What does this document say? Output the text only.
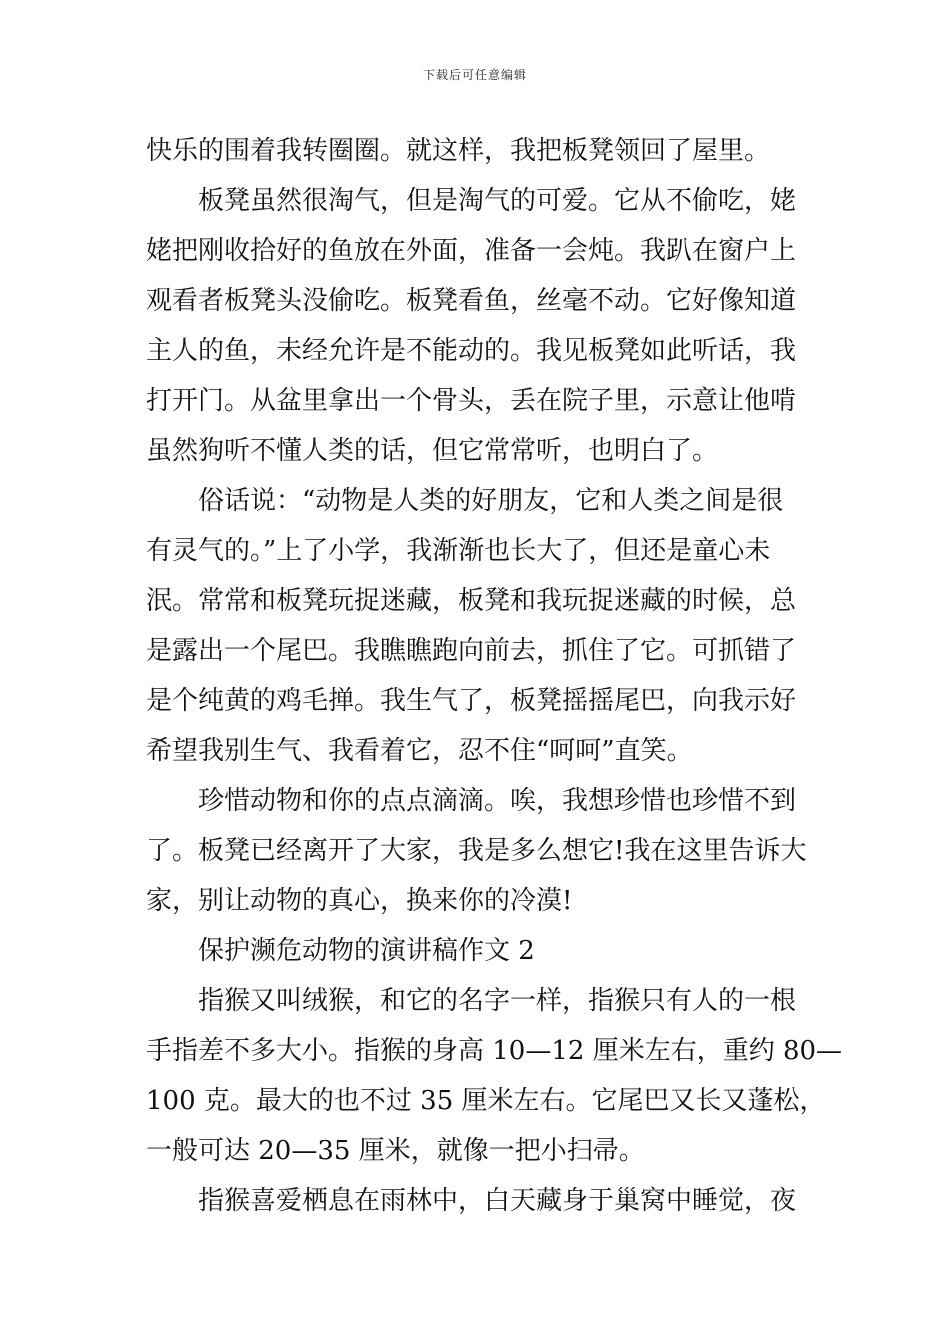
下载后可任意编辑
快乐的围着我转圈圈。就这样，我把板凳领回了屋里。
板凳虽然很淘气，但是淘气的可爱。它从不偷吃，姥
姥把刚收拾好的鱼放在外面，准备一会炖。我趴在窗户上
观看者板凳头没偷吃。板凳看鱼，丝毫不动。它好像知道
主人的鱼，未经允许是不能动的。我见板凳如此听话，我
打开门。从盆里拿出一个骨头，丢在院子里，示意让他啃
虽然狗听不懂人类的话，但它常常听，也明白了。
俗话说：“动物是人类的好朋友，它和人类之间是很
有灵气的。”上了小学，我渐渐也长大了，但还是童心未
泯。常常和板凳玩捉迷藏，板凳和我玩捉迷藏的时候，总
是露出一个尾巴。我瞧瞧跑向前去，抓住了它。可抓错了
是个纯黄的鸡毛掸。我生气了，板凳摇摇尾巴，向我示好
希望我别生气、我看着它，忍不住“呵呵”直笑。
珍惜动物和你的点点滴滴。唉，我想珍惜也珍惜不到
了。板凳已经离开了大家，我是多么想它!我在这里告诉大
家，别让动物的真心，换来你的冷漠!
保护濒危动物的演讲稿作文 2
指猴又叫绒猴，和它的名字一样，指猴只有人的一根
手指差不多大小。指猴的身高 10—12 厘米左右，重约 80—
100 克。最大的也不过 35 厘米左右。它尾巴又长又蓬松，
一般可达 20—35 厘米，就像一把小扫帚。
指猴喜爱栖息在雨林中，白天藏身于巢窝中睡觉，夜
